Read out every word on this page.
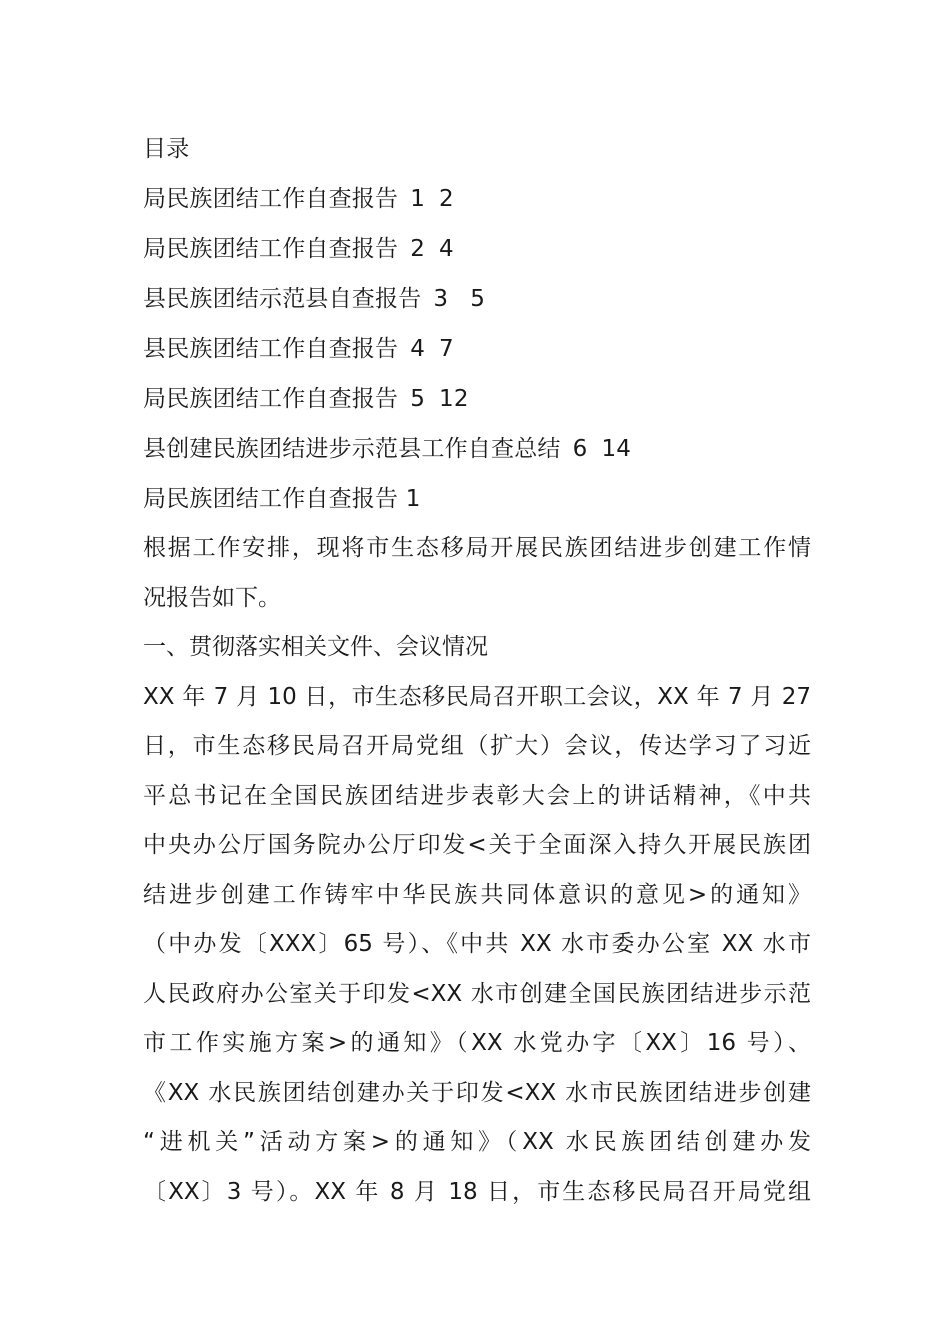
目录
局民族团结工作自查报告 1 2
局民族团结工作自查报告 2 4
县民族团结示范县自查报告 3 5
县民族团结工作自查报告 4 7
局民族团结工作自查报告 5 12
县创建民族团结进步示范县工作自查总结 6 14
局民族团结工作自查报告 1
根据工作安排，现将市生态移局开展民族团结进步创建工作情
况报告如下。
一、贯彻落实相关文件、会议情况
XX 年 7 月 10 日，市生态移民局召开职工会议，XX 年 7 月 27
日，市生态移民局召开局党组（扩大）会议，传达学习了习近
平总书记在全国民族团结进步表彰大会上的讲话精神，《中共
中央办公厅国务院办公厅印发<关于全面深入持久开展民族团
结进步创建工作铸牢中华民族共同体意识的意见>的通知》
（中办发〔XXX〕65 号）、《中共 XX 水市委办公室 XX 水市
人民政府办公室关于印发<XX 水市创建全国民族团结进步示范
市工作实施方案>的通知》（XX 水党办字〔XX〕16 号）、
《XX 水民族团结创建办关于印发<XX 水市民族团结进步创建
“进机关”活动方案>的通知》（XX 水民族团结创建办发
〔XX〕3 号）。XX 年 8 月 18 日，市生态移民局召开局党组
